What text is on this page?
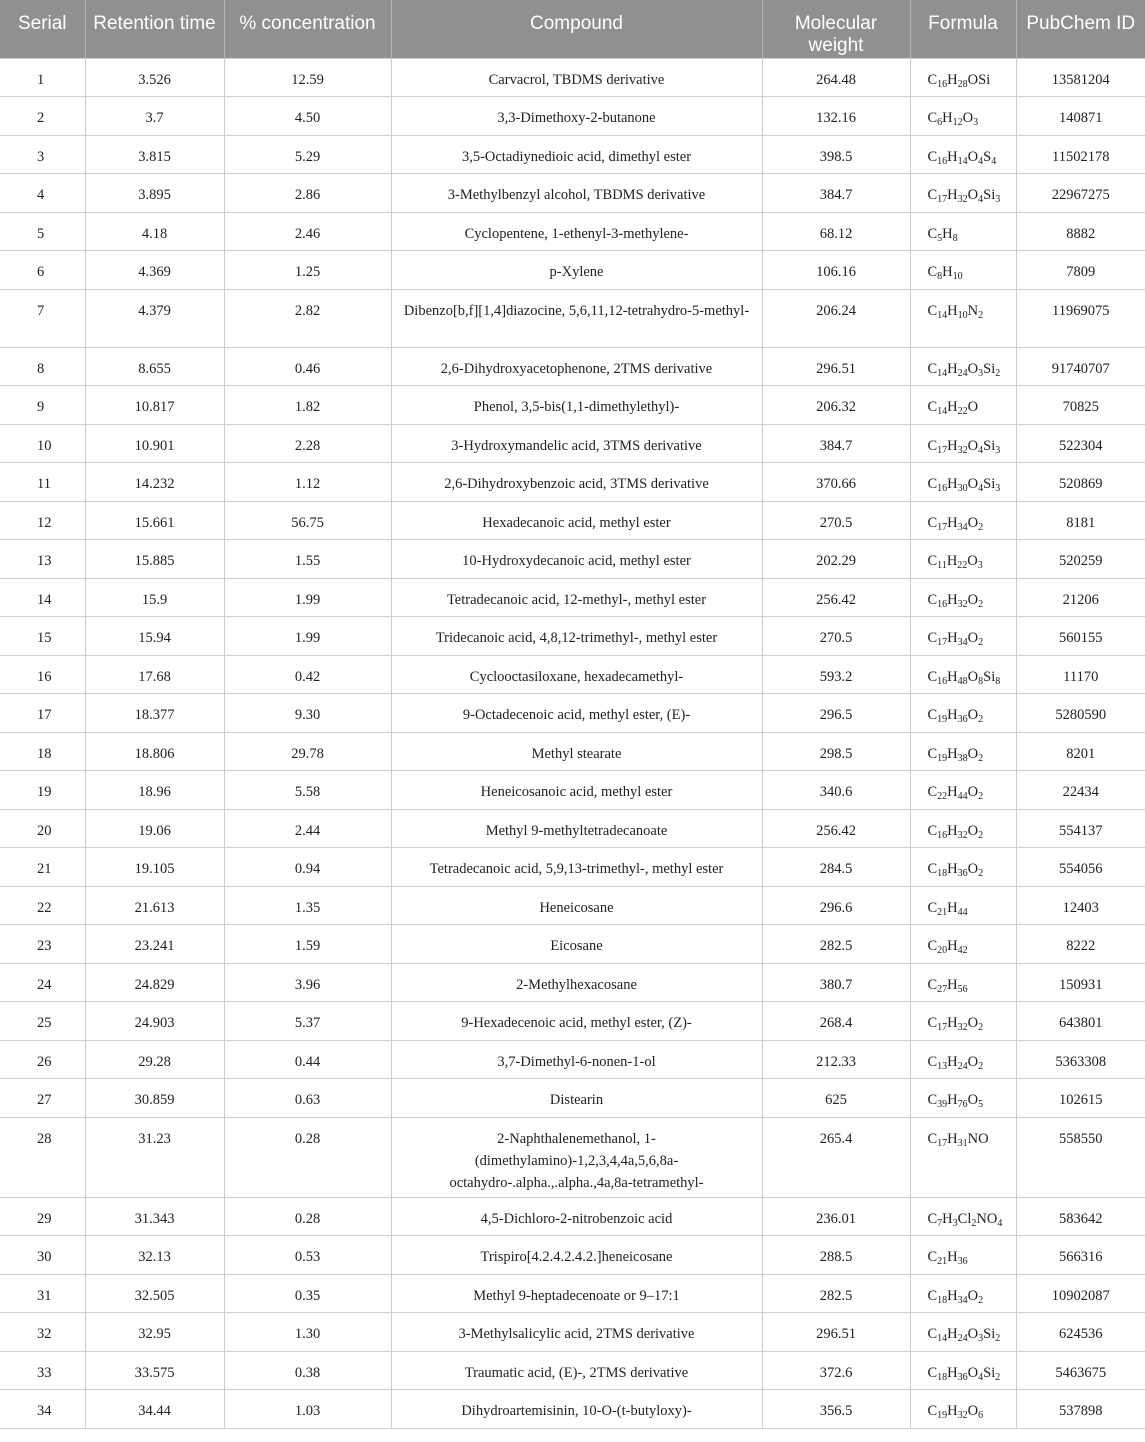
Serial	Retention time	% concentration	Compound	Molecular weight	Formula	PubChem ID
1	3.526	12.59	Carvacrol, TBDMS derivative	264.48	$C_{16}H_{28}OSi$	13581204
2	3.7	4.50	3,3-Dimethoxy-2-butanone	132.16	$C_6H_{12}O_3$	140871
3	3.815	5.29	3,5-Octadiynedioic acid, dimethyl ester	398.5	$C_{16}H_{14}O_4S_4$	11502178
4	3.895	2.86	3-Methylbenzyl alcohol, TBDMS derivative	384.7	$C_{17}H_{32}O_4Si_3$	22967275
5	4.18	2.46	Cyclopentene, 1-ethenyl-3-methylene-	68.12	$C_5H_8$	8882
6	4.369	1.25	p-Xylene	106.16	$C_8H_{10}$	7809
7	4.379	2.82	Dibenzo[b,f][1,4]diazocine, 5,6,11,12-tetrahydro-5-methyl-	206.24	$C_{14}H_{10}N_2$	11969075
8	8.655	0.46	2,6-Dihydroxyacetophenone, 2TMS derivative	296.51	$C_{14}H_{24}O_3Si_2$	91740707
9	10.817	1.82	Phenol, 3,5-bis(1,1-dimethylethyl)-	206.32	$C_{14}H_{22}O$	70825
10	10.901	2.28	3-Hydroxymandelic acid, 3TMS derivative	384.7	$C_{17}H_{32}O_4Si_3$	522304
11	14.232	1.12	2,6-Dihydroxybenzoic acid, 3TMS derivative	370.66	$C_{16}H_{30}O_4Si_3$	520869
12	15.661	56.75	Hexadecanoic acid, methyl ester	270.5	$C_{17}H_{34}O_2$	8181
13	15.885	1.55	10-Hydroxydecanoic acid, methyl ester	202.29	$C_{11}H_{22}O_3$	520259
14	15.9	1.99	Tetradecanoic acid, 12-methyl-, methyl ester	256.42	$C_{16}H_{32}O_2$	21206
15	15.94	1.99	Tridecanoic acid, 4,8,12-trimethyl-, methyl ester	270.5	$C_{17}H_{34}O_2$	560155
16	17.68	0.42	Cyclooctasiloxane, hexadecamethyl-	593.2	$C_{16}H_{48}O_8Si_8$	11170
17	18.377	9.30	9-Octadecenoic acid, methyl ester, (E)-	296.5	$C_{19}H_{36}O_2$	5280590
18	18.806	29.78	Methyl stearate	298.5	$C_{19}H_{38}O_2$	8201
19	18.96	5.58	Heneicosanoic acid, methyl ester	340.6	$C_{22}H_{44}O_2$	22434
20	19.06	2.44	Methyl 9-methyltetradecanoate	256.42	$C_{16}H_{32}O_2$	554137
21	19.105	0.94	Tetradecanoic acid, 5,9,13-trimethyl-, methyl ester	284.5	$C_{18}H_{36}O_2$	554056
22	21.613	1.35	Heneicosane	296.6	$C_{21}H_{44}$	12403
23	23.241	1.59	Eicosane	282.5	$C_{20}H_{42}$	8222
24	24.829	3.96	2-Methylhexacosane	380.7	$C_{27}H_{56}$	150931
25	24.903	5.37	9-Hexadecenoic acid, methyl ester, (Z)-	268.4	$C_{17}H_{32}O_2$	643801
26	29.28	0.44	3,7-Dimethyl-6-nonen-1-ol	212.33	$C_{13}H_{24}O_2$	5363308
27	30.859	0.63	Distearin	625	$C_{39}H_{76}O_5$	102615
28	31.23	0.28	2-Naphthalenemethanol, 1-(dimethylamino)-1,2,3,4,4a,5,6,8a-octahydro-.alpha.,.alpha.,4a,8a-tetramethyl-	265.4	$C_{17}H_{31}NO$	558550
29	31.343	0.28	4,5-Dichloro-2-nitrobenzoic acid	236.01	$C_7H_3Cl_2NO_4$	583642
30	32.13	0.53	Trispiro[4.2.4.2.4.2.]heneicosane	288.5	$C_{21}H_{36}$	566316
31	32.505	0.35	Methyl 9-heptadecenoate or 9–17:1	282.5	$C_{18}H_{34}O_2$	10902087
32	32.95	1.30	3-Methylsalicylic acid, 2TMS derivative	296.51	$C_{14}H_{24}O_3Si_2$	624536
33	33.575	0.38	Traumatic acid, (E)-, 2TMS derivative	372.6	$C_{18}H_{36}O_4Si_2$	5463675
34	34.44	1.03	Dihydroartemisinin, 10-O-(t-butyloxy)-	356.5	$C_{19}H_{32}O_6$	537898
